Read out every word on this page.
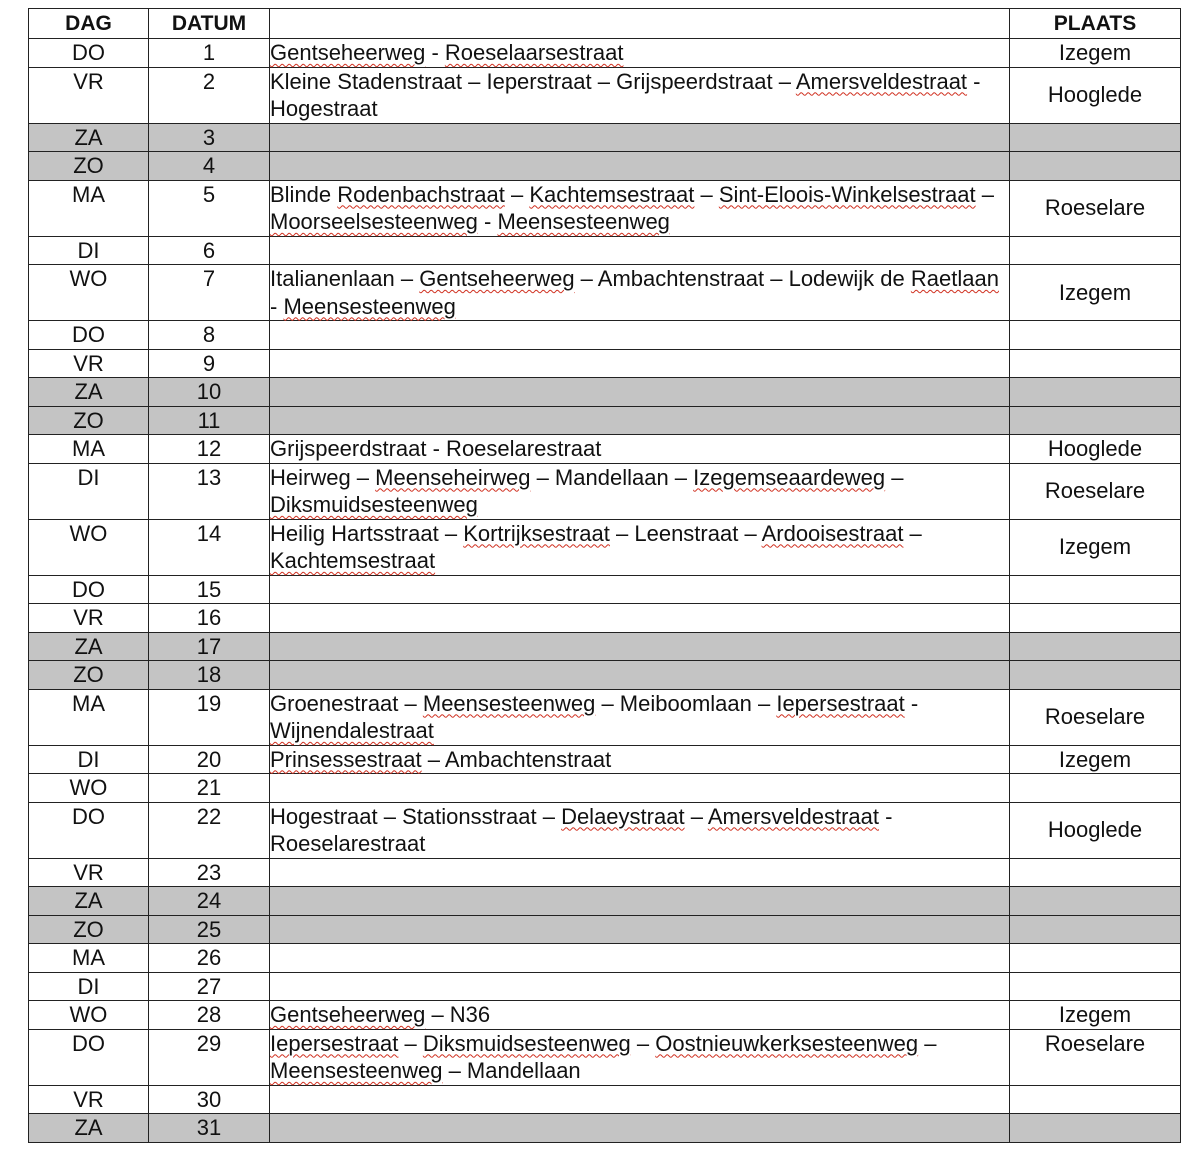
DAG	DATUM		PLAATS
DO	1	Gentseheerweg - Roeselaarsestraat	Izegem
VR	2	Kleine Stadenstraat – Ieperstraat – Grijspeerdstraat – Amersveldestraat - Hogestraat	Hooglede
ZA	3		
ZO	4		
MA	5	Blinde Rodenbachstraat – Kachtemsestraat – Sint-Eloois-Winkelsestraat – Moorseelsesteenweg - Meensesteenweg	Roeselare
DI	6		
WO	7	Italianenlaan – Gentseheerweg – Ambachtenstraat – Lodewijk de Raetlaan - Meensesteenweg	Izegem
DO	8		
VR	9		
ZA	10		
ZO	11		
MA	12	Grijspeerdstraat - Roeselarestraat	Hooglede
DI	13	Heirweg – Meenseheirweg – Mandellaan – Izegemseaardeweg – Diksmuidsesteenweg	Roeselare
WO	14	Heilig Hartsstraat – Kortrijksestraat – Leenstraat – Ardooisestraat – Kachtemsestraat	Izegem
DO	15		
VR	16		
ZA	17		
ZO	18		
MA	19	Groenestraat – Meensesteenweg – Meiboomlaan – Iepersestraat - Wijnendalestraat	Roeselare
DI	20	Prinsessestraat – Ambachtenstraat	Izegem
WO	21		
DO	22	Hogestraat – Stationsstraat – Delaeystraat – Amersveldestraat - Roeselarestraat	Hooglede
VR	23		
ZA	24		
ZO	25		
MA	26		
DI	27		
WO	28	Gentseheerweg – N36	Izegem
DO	29	Iepersestraat – Diksmuidsesteenweg – Oostnieuwkerksesteenweg – Meensesteenweg – Mandellaan	Roeselare
VR	30		
ZA	31		
